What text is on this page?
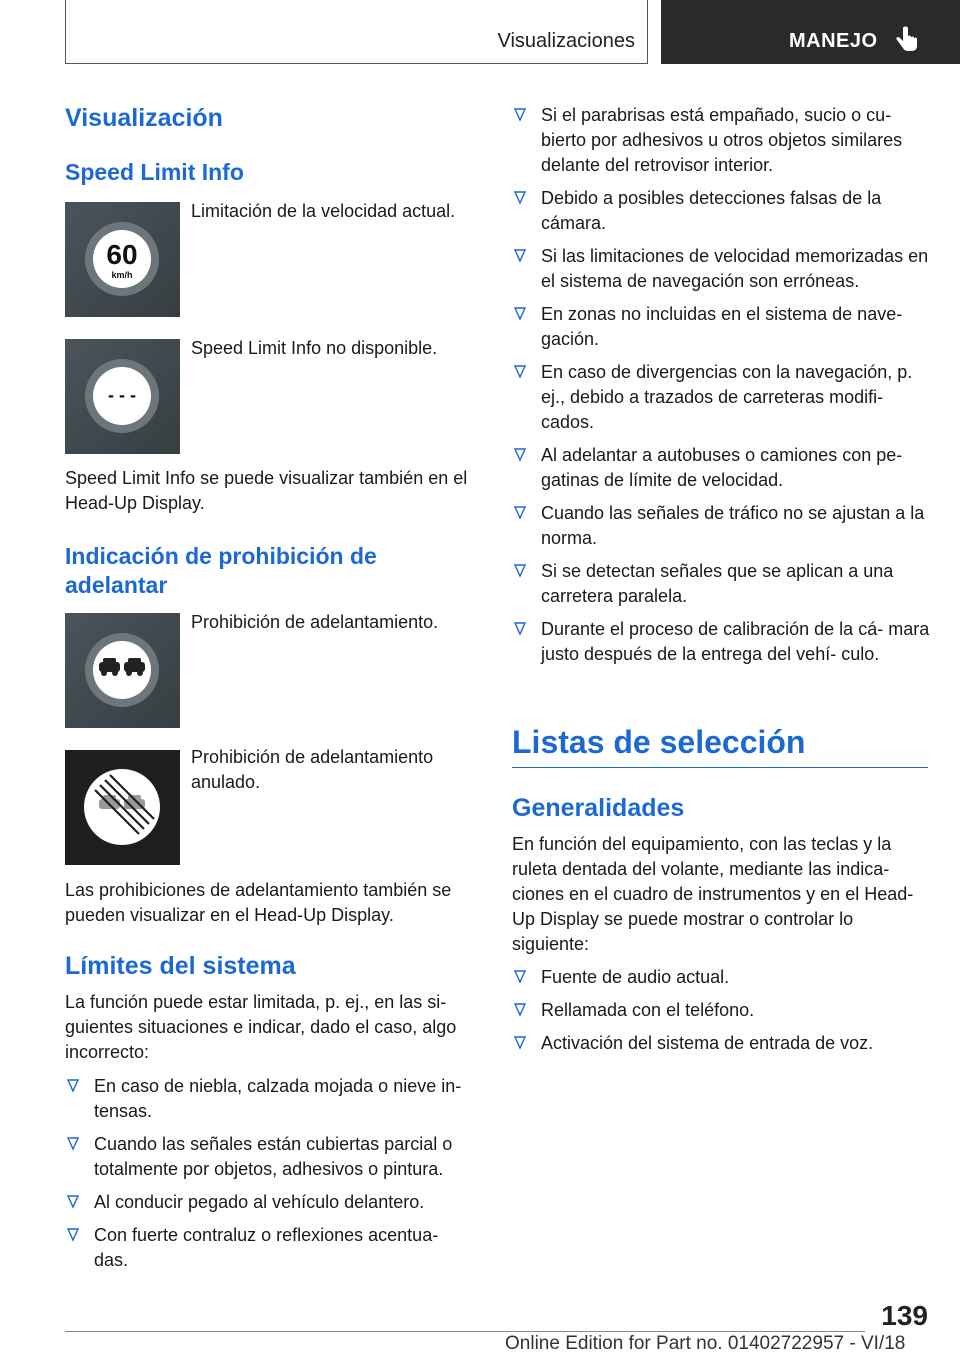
Visualizaciones	MANEJO
Visualización
Speed Limit Info
60
km/h

Limitación de la velocidad actual.

- - -

Speed Limit Info no disponible.

Speed Limit Info se puede visualizar también en el Head-Up Display.

Indicación de prohibición de adelantar

Prohibición de adelantamiento.

Prohibición de adelantamiento anulado.

Las prohibiciones de adelantamiento también se pueden visualizar en el Head-Up Display.

Límites del sistema

La función puede estar limitada, p. ej., en las si- guientes situaciones e indicar, dado el caso, algo incorrecto:

En caso de niebla, calzada mojada o nieve in- tensas.
Cuando las señales están cubiertas parcial o totalmente por objetos, adhesivos o pintura.
Al conducir pegado al vehículo delantero.
Con fuerte contraluz o reflexiones acentua- das.
Si el parabrisas está empañado, sucio o cu- bierto por adhesivos u otros objetos similares delante del retrovisor interior.
Debido a posibles detecciones falsas de la cámara.
Si las limitaciones de velocidad memorizadas en el sistema de navegación son erróneas.
En zonas no incluidas en el sistema de nave- gación.
En caso de divergencias con la navegación, p. ej., debido a trazados de carreteras modifi- cados.
Al adelantar a autobuses o camiones con pe- gatinas de límite de velocidad.
Cuando las señales de tráfico no se ajustan a la norma.
Si se detectan señales que se aplican a una carretera paralela.
Durante el proceso de calibración de la cá- mara justo después de la entrega del vehí- culo.
Listas de selección
Generalidades

En función del equipamiento, con las teclas y la ruleta dentada del volante, mediante las indica- ciones en el cuadro de instrumentos y en el Head-Up Display se puede mostrar o controlar lo siguiente:

Fuente de audio actual.
Rellamada con el teléfono.
Activación del sistema de entrada de voz.
139
Online Edition for Part no. 01402722957 - VI/18
